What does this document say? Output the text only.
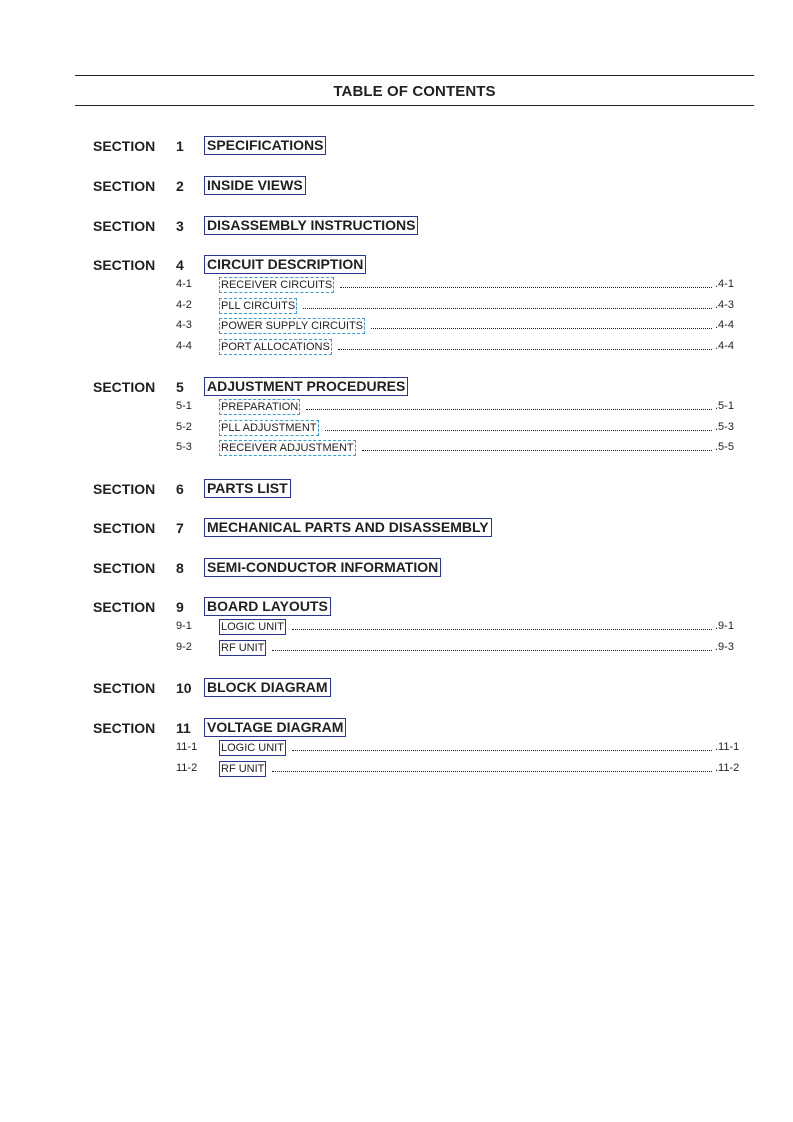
TABLE OF CONTENTS
SECTION 1 SPECIFICATIONS
SECTION 2 INSIDE VIEWS
SECTION 3 DISASSEMBLY INSTRUCTIONS
SECTION 4 CIRCUIT DESCRIPTION
4-1	RECEIVER CIRCUITS	.4-1
4-2	PLL CIRCUITS	.4-3
4-3	POWER SUPPLY CIRCUITS	.4-4
4-4	PORT ALLOCATIONS	.4-4
SECTION 5 ADJUSTMENT PROCEDURES
5-1	PREPARATION	.5-1
5-2	PLL ADJUSTMENT	.5-3
5-3	RECEIVER ADJUSTMENT	.5-5
SECTION 6 PARTS LIST
SECTION 7 MECHANICAL PARTS AND DISASSEMBLY
SECTION 8 SEMI-CONDUCTOR INFORMATION
SECTION 9 BOARD LAYOUTS
9-1	LOGIC UNIT	.9-1
9-2	RF UNIT	.9-3
SECTION 10 BLOCK DIAGRAM
SECTION 11 VOLTAGE DIAGRAM
11-1 LOGIC UNIT	.11-1
11-2 RF UNIT	.11-2
